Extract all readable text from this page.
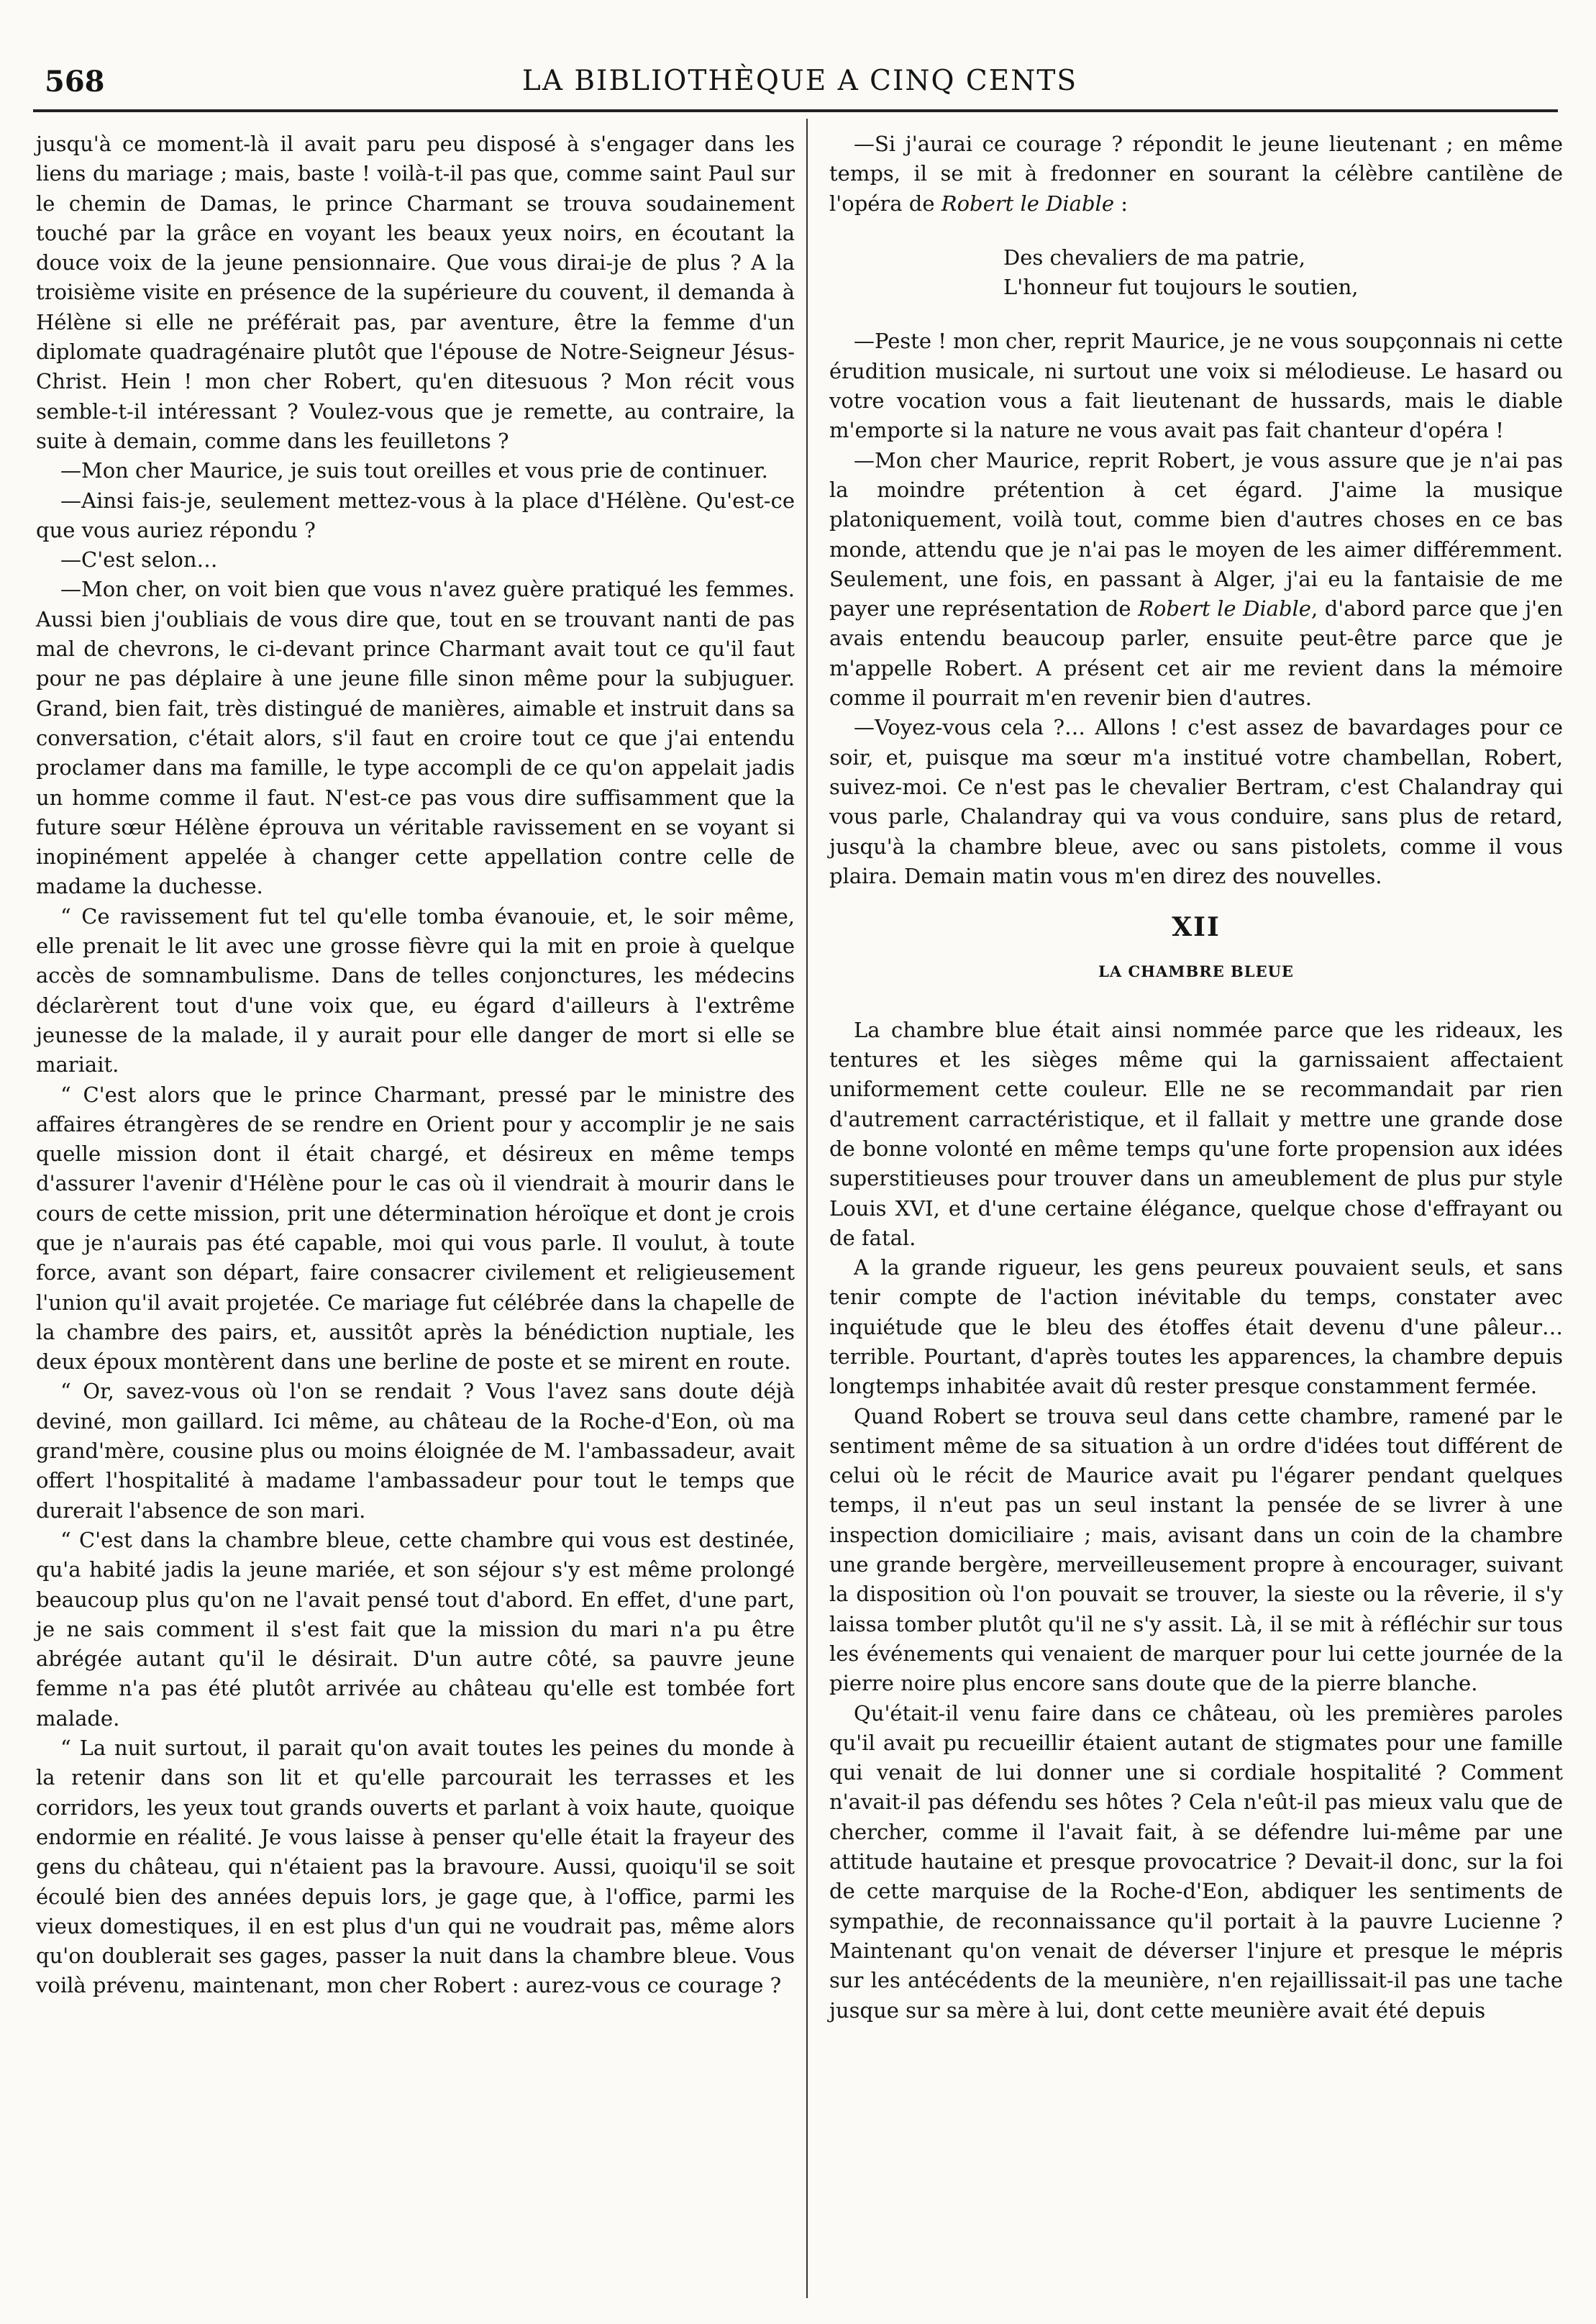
568	LA BIBLIOTHÈQUE A CINQ CENTS

jusqu'à ce moment-là il avait paru peu disposé à s'engager dans les liens du mariage ; mais, baste ! voilà-t-il pas que, comme saint Paul sur le chemin de Damas, le prince Charmant se trouva soudainement touché par la grâce en voyant les beaux yeux noirs, en écoutant la douce voix de la jeune pensionnaire. Que vous dirai-je de plus ? A la troisième visite en présence de la supérieure du couvent, il demanda à Hélène si elle ne préférait pas, par aventure, être la femme d'un diplomate quadragénaire plutôt que l'épouse de Notre-Seigneur Jésus-Christ. Hein ! mon cher Robert, qu'en ditesuous ? Mon récit vous semble-t-il intéressant ? Voulez-vous que je remette, au contraire, la suite à demain, comme dans les feuilletons ?

—Mon cher Maurice, je suis tout oreilles et vous prie de continuer.

—Ainsi fais-je, seulement mettez-vous à la place d'Hélène. Qu'est-ce que vous auriez répondu ?

—C'est selon…

—Mon cher, on voit bien que vous n'avez guère pratiqué les femmes. Aussi bien j'oubliais de vous dire que, tout en se trouvant nanti de pas mal de chevrons, le ci-devant prince Charmant avait tout ce qu'il faut pour ne pas déplaire à une jeune fille sinon même pour la subjuguer. Grand, bien fait, très distingué de manières, aimable et instruit dans sa conversation, c'était alors, s'il faut en croire tout ce que j'ai entendu proclamer dans ma famille, le type accompli de ce qu'on appelait jadis un homme comme il faut. N'est-ce pas vous dire suffisamment que la future sœur Hélène éprouva un véritable ravissement en se voyant si inopinément appelée à changer cette appellation contre celle de madame la duchesse.

“ Ce ravissement fut tel qu'elle tomba évanouie, et, le soir même, elle prenait le lit avec une grosse fièvre qui la mit en proie à quelque accès de somnambulisme. Dans de telles conjonctures, les médecins déclarèrent tout d'une voix que, eu égard d'ailleurs à l'extrême jeunesse de la malade, il y aurait pour elle danger de mort si elle se mariait.

“ C'est alors que le prince Charmant, pressé par le ministre des affaires étrangères de se rendre en Orient pour y accomplir je ne sais quelle mission dont il était chargé, et désireux en même temps d'assurer l'avenir d'Hélène pour le cas où il viendrait à mourir dans le cours de cette mission, prit une détermination héroïque et dont je crois que je n'aurais pas été capable, moi qui vous parle. Il voulut, à toute force, avant son départ, faire consacrer civilement et religieusement l'union qu'il avait projetée. Ce mariage fut célébrée dans la chapelle de la chambre des pairs, et, aussitôt après la bénédiction nuptiale, les deux époux montèrent dans une berline de poste et se mirent en route.

“ Or, savez-vous où l'on se rendait ? Vous l'avez sans doute déjà deviné, mon gaillard. Ici même, au château de la Roche-d'Eon, où ma grand'mère, cousine plus ou moins éloignée de M. l'ambassadeur, avait offert l'hospitalité à madame l'ambassadeur pour tout le temps que durerait l'absence de son mari.

“ C'est dans la chambre bleue, cette chambre qui vous est destinée, qu'a habité jadis la jeune mariée, et son séjour s'y est même prolongé beaucoup plus qu'on ne l'avait pensé tout d'abord. En effet, d'une part, je ne sais comment il s'est fait que la mission du mari n'a pu être abrégée autant qu'il le désirait. D'un autre côté, sa pauvre jeune femme n'a pas été plutôt arrivée au château qu'elle est tombée fort malade.

“ La nuit surtout, il parait qu'on avait toutes les peines du monde à la retenir dans son lit et qu'elle parcourait les terrasses et les corridors, les yeux tout grands ouverts et parlant à voix haute, quoique endormie en réalité. Je vous laisse à penser qu'elle était la frayeur des gens du château, qui n'étaient pas la bravoure. Aussi, quoiqu'il se soit écoulé bien des années depuis lors, je gage que, à l'office, parmi les vieux domestiques, il en est plus d'un qui ne voudrait pas, même alors qu'on doublerait ses gages, passer la nuit dans la chambre bleue. Vous voilà prévenu, maintenant, mon cher Robert : aurez-vous ce courage ?

—Si j'aurai ce courage ? répondit le jeune lieutenant ; en même temps, il se mit à fredonner en sourant la célèbre cantilène de l'opéra de Robert le Diable :

Des chevaliers de ma patrie,
L'honneur fut toujours le soutien,

—Peste ! mon cher, reprit Maurice, je ne vous soupçonnais ni cette érudition musicale, ni surtout une voix si mélodieuse. Le hasard ou votre vocation vous a fait lieutenant de hussards, mais le diable m'emporte si la nature ne vous avait pas fait chanteur d'opéra !

—Mon cher Maurice, reprit Robert, je vous assure que je n'ai pas la moindre prétention à cet égard. J'aime la musique platoniquement, voilà tout, comme bien d'autres choses en ce bas monde, attendu que je n'ai pas le moyen de les aimer différemment. Seulement, une fois, en passant à Alger, j'ai eu la fantaisie de me payer une représentation de Robert le Diable, d'abord parce que j'en avais entendu beaucoup parler, ensuite peut-être parce que je m'appelle Robert. A présent cet air me revient dans la mémoire comme il pourrait m'en revenir bien d'autres.

—Voyez-vous cela ?… Allons ! c'est assez de bavardages pour ce soir, et, puisque ma sœur m'a institué votre chambellan, Robert, suivez-moi. Ce n'est pas le chevalier Bertram, c'est Chalandray qui vous parle, Chalandray qui va vous conduire, sans plus de retard, jusqu'à la chambre bleue, avec ou sans pistolets, comme il vous plaira. Demain matin vous m'en direz des nouvelles.

XII
LA CHAMBRE BLEUE

La chambre blue était ainsi nommée parce que les rideaux, les tentures et les sièges même qui la garnissaient affectaient uniformement cette couleur. Elle ne se recommandait par rien d'autrement carractéristique, et il fallait y mettre une grande dose de bonne volonté en même temps qu'une forte propension aux idées superstitieuses pour trouver dans un ameublement de plus pur style Louis XVI, et d'une certaine élégance, quelque chose d'effrayant ou de fatal.

A la grande rigueur, les gens peureux pouvaient seuls, et sans tenir compte de l'action inévitable du temps, constater avec inquiétude que le bleu des étoffes était devenu d'une pâleur… terrible. Pourtant, d'après toutes les apparences, la chambre depuis longtemps inhabitée avait dû rester presque constamment fermée.

Quand Robert se trouva seul dans cette chambre, ramené par le sentiment même de sa situation à un ordre d'idées tout différent de celui où le récit de Maurice avait pu l'égarer pendant quelques temps, il n'eut pas un seul instant la pensée de se livrer à une inspection domiciliaire ; mais, avisant dans un coin de la chambre une grande bergère, merveilleusement propre à encourager, suivant la disposition où l'on pouvait se trouver, la sieste ou la rêverie, il s'y laissa tomber plutôt qu'il ne s'y assit. Là, il se mit à réfléchir sur tous les événements qui venaient de marquer pour lui cette journée de la pierre noire plus encore sans doute que de la pierre blanche.

Qu'était-il venu faire dans ce château, où les premières paroles qu'il avait pu recueillir étaient autant de stigmates pour une famille qui venait de lui donner une si cordiale hospitalité ? Comment n'avait-il pas défendu ses hôtes ? Cela n'eût-il pas mieux valu que de chercher, comme il l'avait fait, à se défendre lui-même par une attitude hautaine et presque provocatrice ? Devait-il donc, sur la foi de cette marquise de la Roche-d'Eon, abdiquer les sentiments de sympathie, de reconnaissance qu'il portait à la pauvre Lucienne ? Maintenant qu'on venait de déverser l'injure et presque le mépris sur les antécédents de la meunière, n'en rejaillissait-il pas une tache jusque sur sa mère à lui, dont cette meunière avait été depuis
